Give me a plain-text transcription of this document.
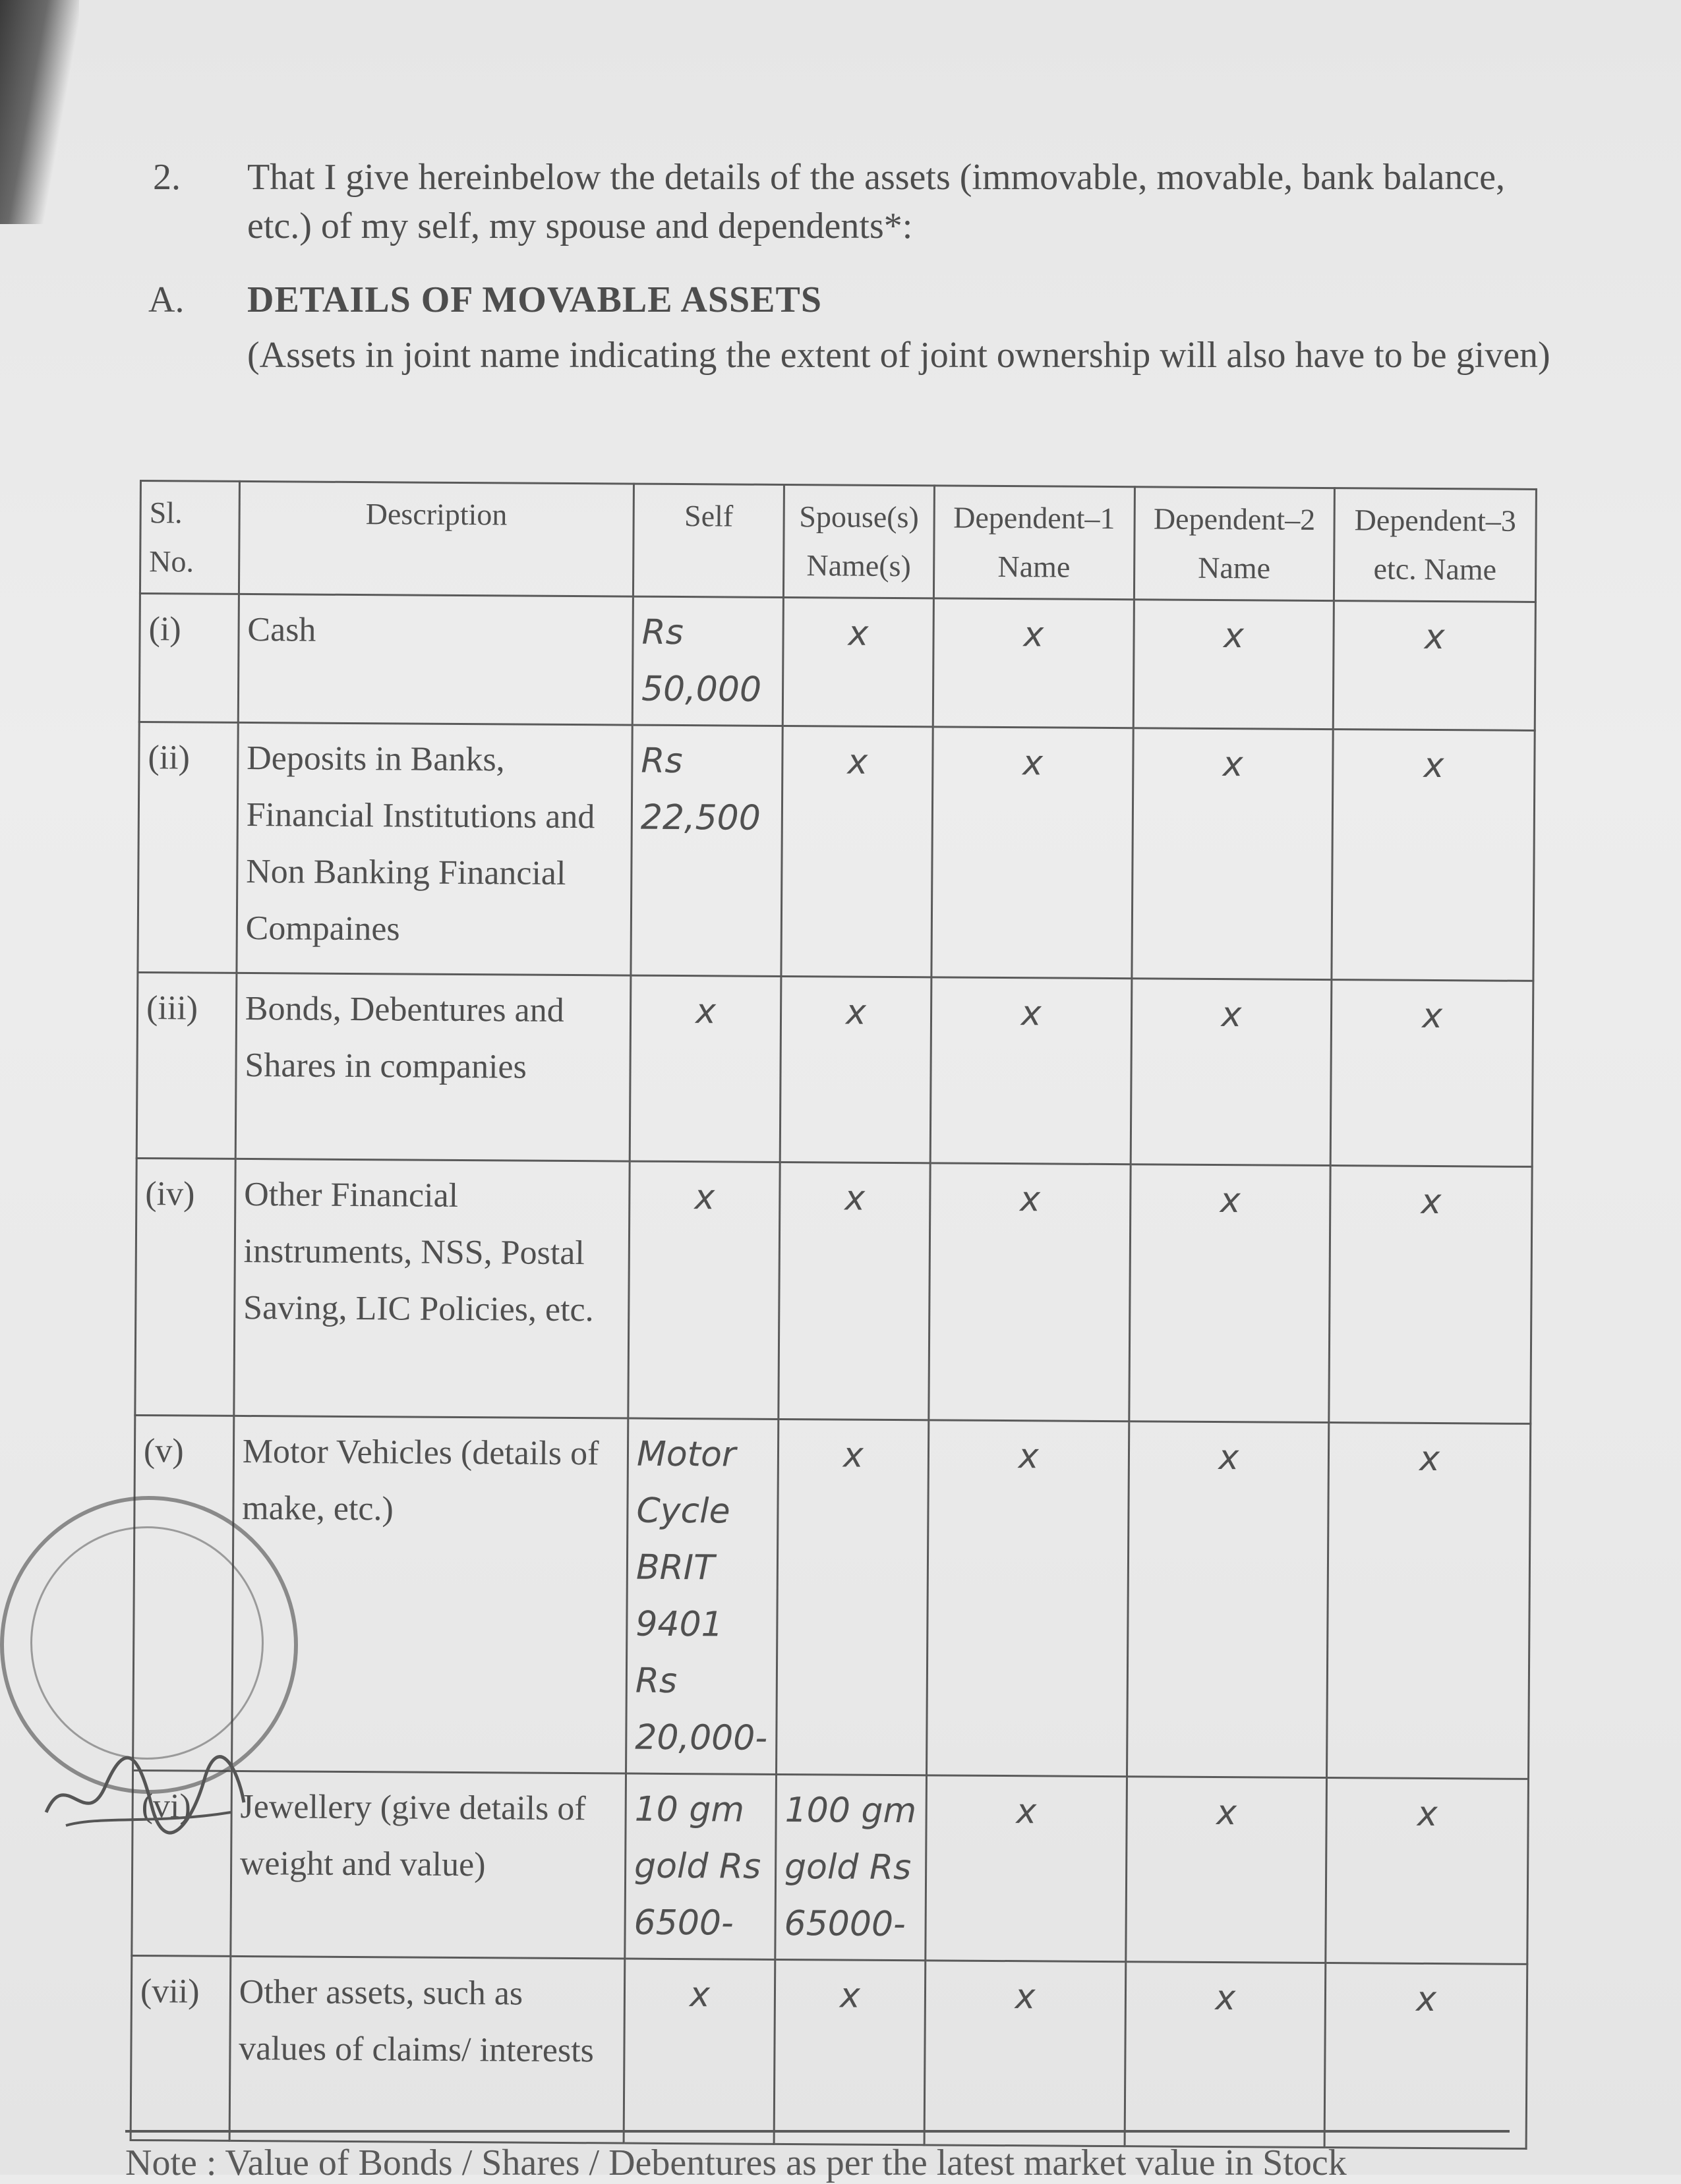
2. That I give hereinbelow the details of the assets (immovable, movable, bank balance, etc.) of my self, my spouse and dependents*:
A. DETAILS OF MOVABLE ASSETS
(Assets in joint name indicating the extent of joint ownership will also have to be given)
Sl. No.	Description	Self	Spouse(s) Name(s)	Dependent–1 Name	Dependent–2 Name	Dependent–3 etc. Name
(i)	Cash	Rs 50,000	x	x	x	x
(ii)	Deposits in Banks, Financial Institutions and Non Banking Financial Compaines	Rs 22,500	x	x	x	x
(iii)	Bonds, Debentures and Shares in companies	x	x	x	x	x
(iv)	Other Financial instruments, NSS, Postal Saving, LIC Policies, etc.	x	x	x	x	x
(v)	Motor Vehicles (details of make, etc.)	Motor Cycle BRIT 9401 Rs 20,000-	x	x	x	x
(vi)	Jewellery (give details of weight and value)	10 gm gold Rs 6500-	100 gm gold Rs 65000-	x	x	x
(vii)	Other assets, such as values of claims/ interests	x	x	x	x	x
Note : Value of Bonds / Shares / Debentures as per the latest market value in Stock
